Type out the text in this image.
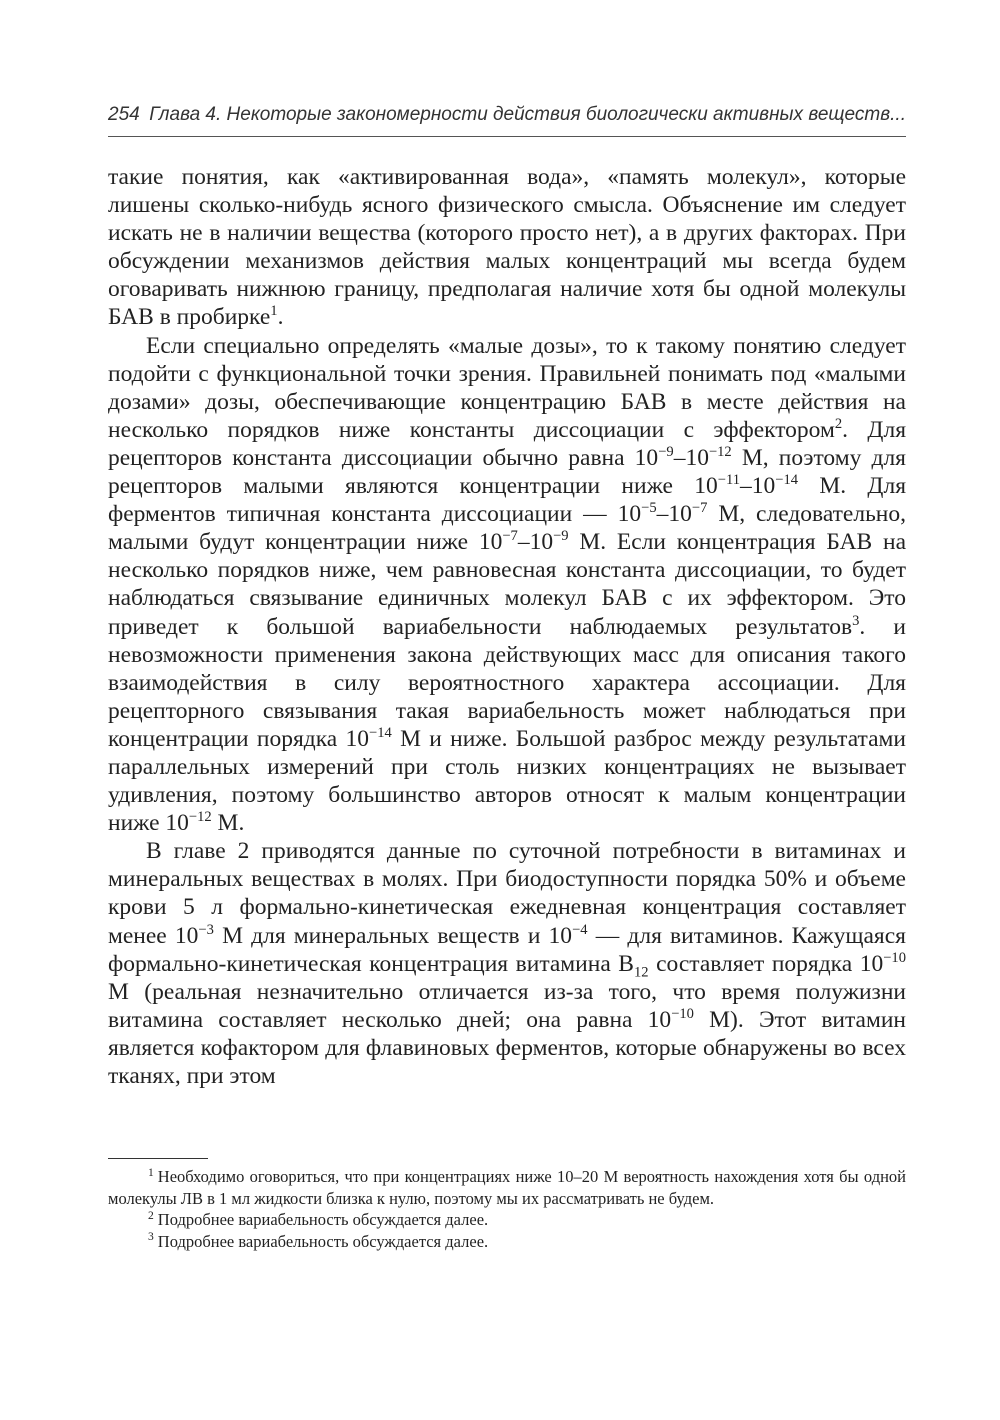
254 Глава 4. Некоторые закономерности действия биологически активных веществ...

такие понятия, как «активированная вода», «память молекул», которые лишены сколько-нибудь ясного физического смысла. Объяснение им следует искать не в наличии вещества (которого просто нет), а в других факторах. При обсуждении механизмов действия малых концентраций мы всегда будем оговаривать нижнюю границу, предполагая наличие хотя бы одной молекулы БАВ в пробирке$^1$.

Если специально определять «малые дозы», то к такому понятию следует подойти с функциональной точки зрения. Правильней понимать под «малыми дозами» дозы, обеспечивающие концентрацию БАВ в месте действия на несколько порядков ниже константы диссоциации с эффектором$^2$. Для рецепторов константа диссоциации обычно равна $10^{-9}-10^{-12}$ М, поэтому для рецепторов малыми являются концентрации ниже $10^{-11}-10^{-14}$ М. Для ферментов типичная константа диссоциации — $10^{-5}-10^{-7}$ М, следовательно, малыми будут концентрации ниже $10^{-7}-10^{-9}$ М. Если концентрация БАВ на несколько порядков ниже, чем равновесная константа диссоциации, то будет наблюдаться связывание единичных молекул БАВ с их эффектором. Это приведет к большой вариабельности наблюдаемых результатов$^3$. и невозможности применения закона действующих масс для описания такого взаимодействия в силу вероятностного характера ассоциации. Для рецепторного связывания такая вариабельность может наблюдаться при концентрации порядка $10^{-14}$ М и ниже. Большой разброс между результатами параллельных измерений при столь низких концентрациях не вызывает удивления, поэтому большинство авторов относят к малым концентрации ниже $10^{-12}$ М.

В главе 2 приводятся данные по суточной потребности в витаминах и минеральных веществах в молях. При биодоступности порядка 50% и объеме крови 5 л формально-кинетическая ежедневная концентрация составляет менее $10^{-3}$ М для минеральных веществ и $10^{-4}$ — для витаминов. Кажущаяся формально-кинетическая концентрация витамина $B_{12}$ составляет порядка $10^{-10}$ М (реальная незначительно отличается из-за того, что время полужизни витамина составляет несколько дней; она равна $10^{-10}$ М). Этот витамин является кофактором для флавиновых ферментов, которые обнаружены во всех тканях, при этом

$^1$ Необходимо оговориться, что при концентрациях ниже 10–20 М вероятность нахождения хотя бы одной молекулы ЛВ в 1 мл жидкости близка к нулю, поэтому мы их рассматривать не будем.

$^2$ Подробнее вариабельность обсуждается далее.

$^3$ Подробнее вариабельность обсуждается далее.
